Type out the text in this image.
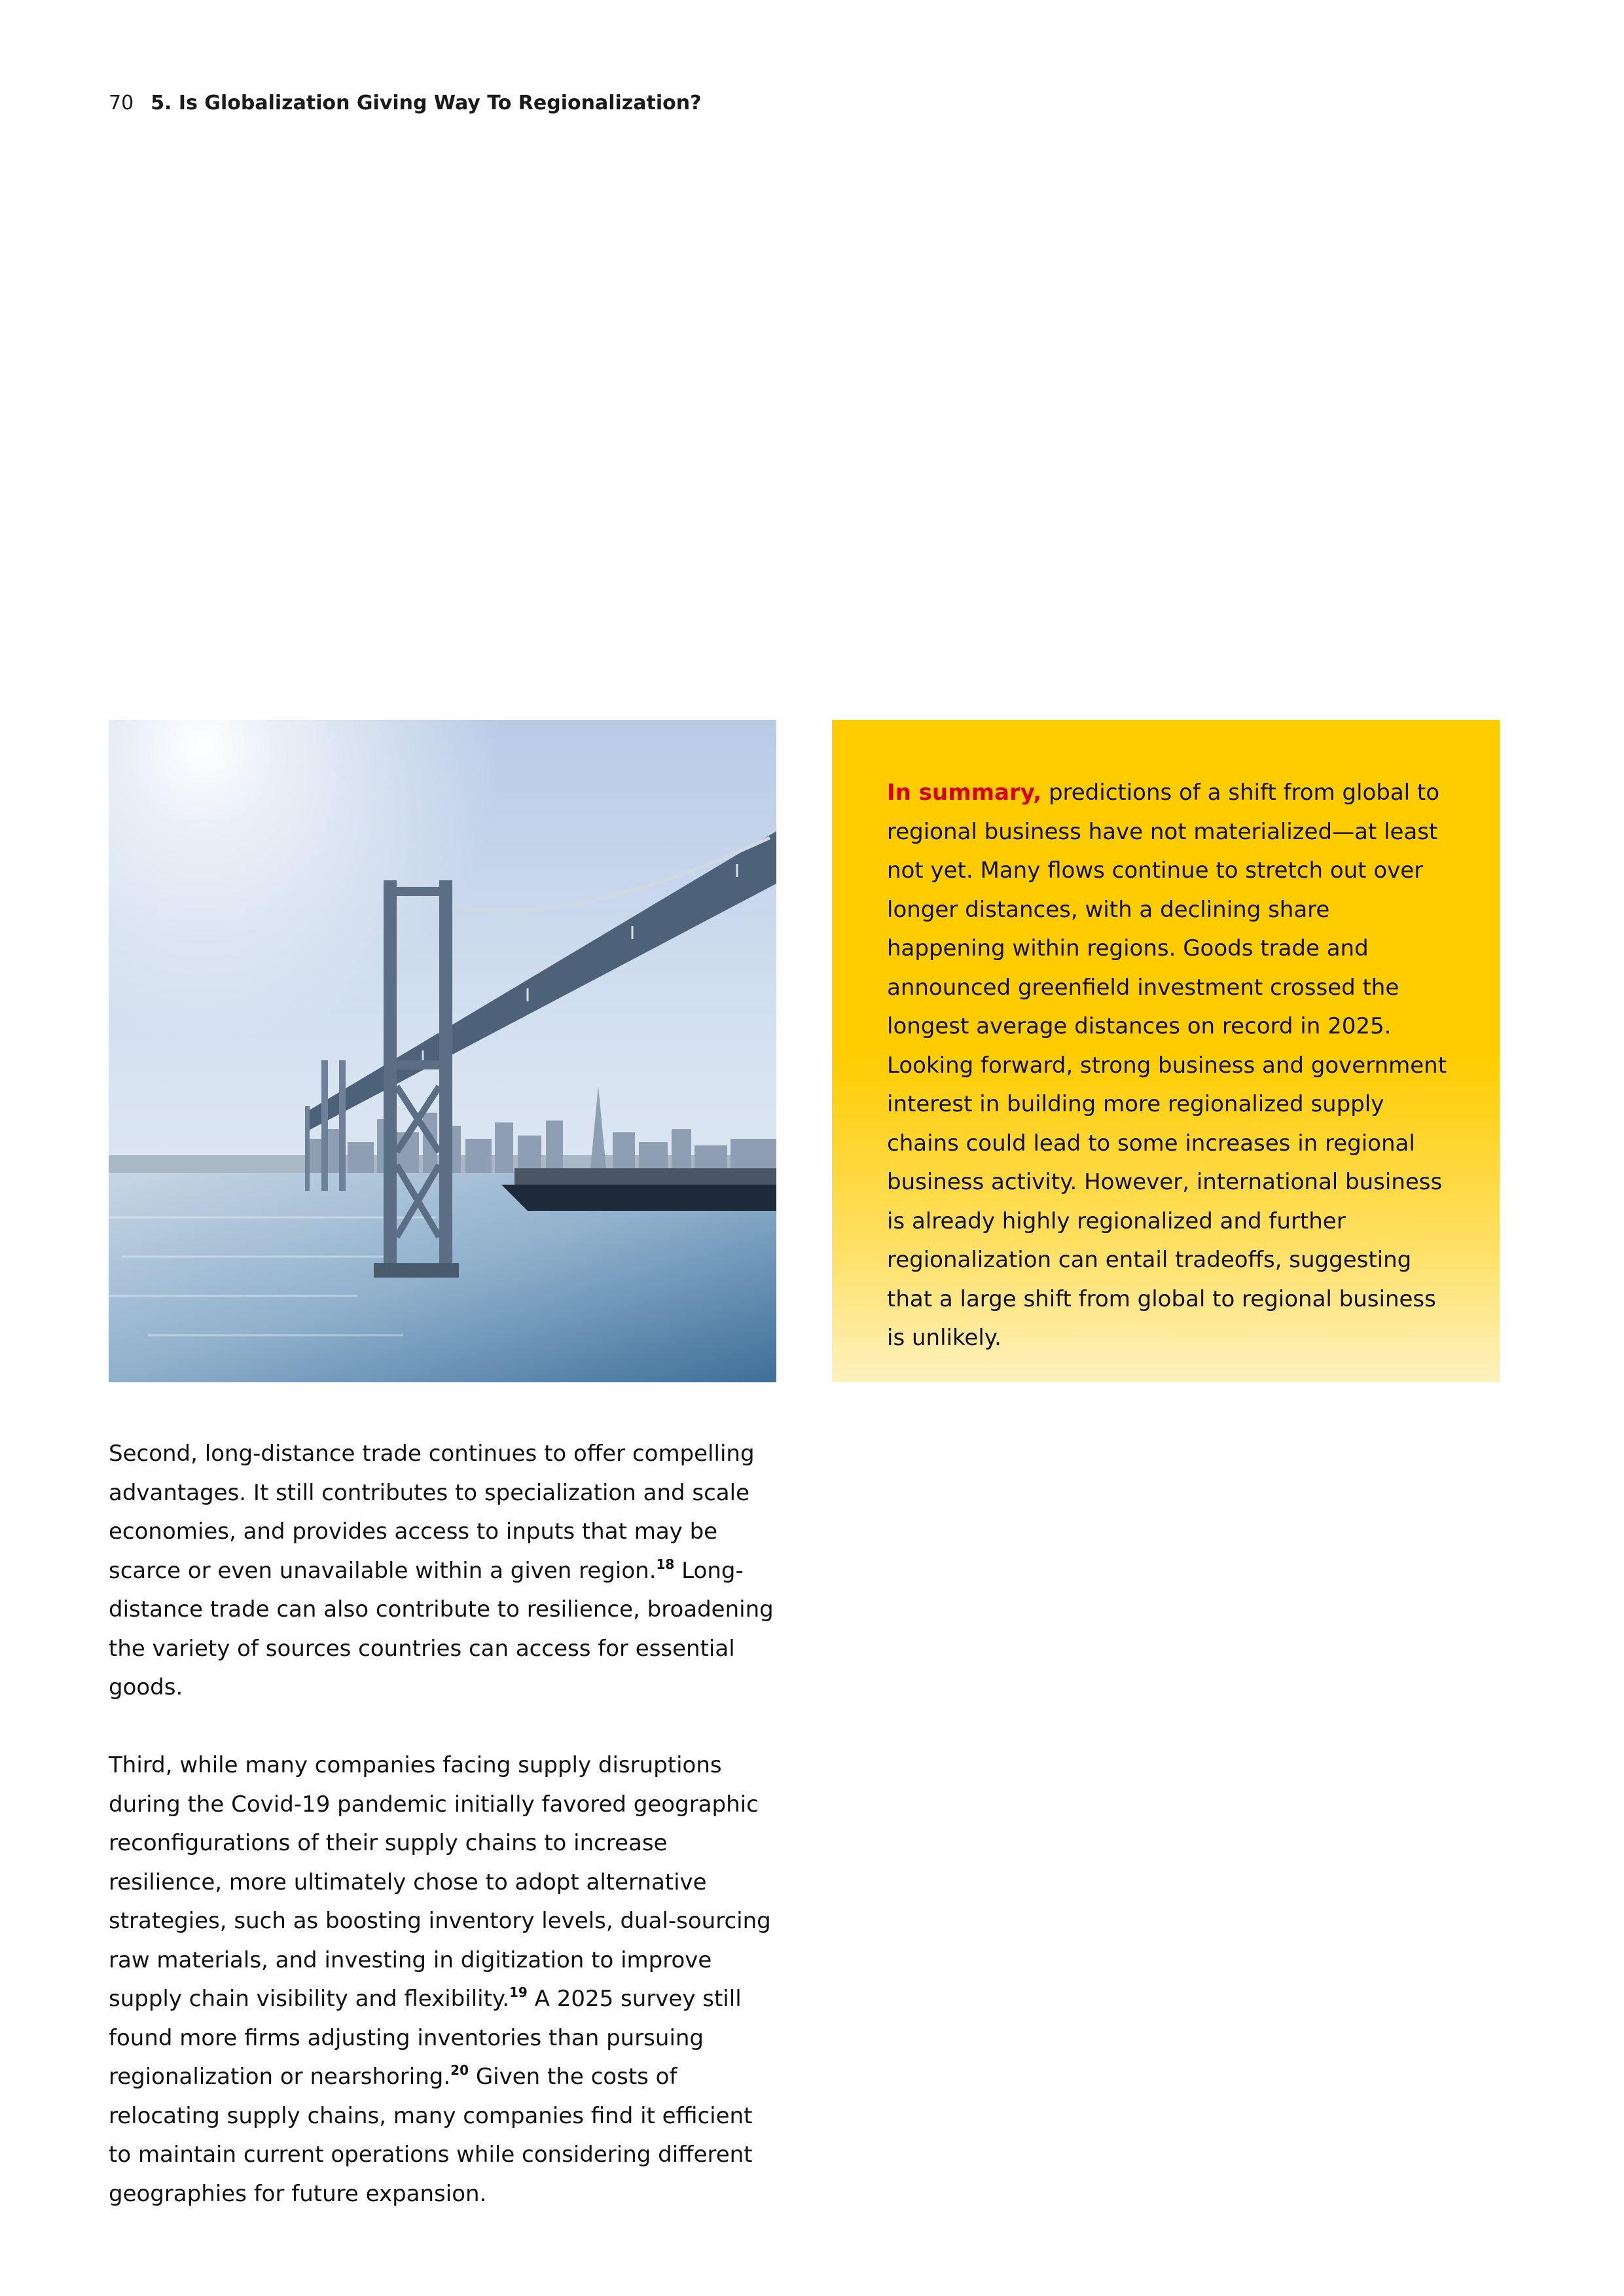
70 5. Is Globalization Giving Way To Regionalization?

In summary, predictions of a shift from global to regional business have not materialized—at least not yet. Many flows continue to stretch out over longer distances, with a declining share happening within regions. Goods trade and announced greenfield investment crossed the longest average distances on record in 2025. Looking forward, strong business and government interest in building more regionalized supply chains could lead to some increases in regional business activity. However, international business is already highly regionalized and further regionalization can entail tradeoffs, suggesting that a large shift from global to regional business is unlikely.

Second, long-distance trade continues to offer compelling advantages. It still contributes to specialization and scale economies, and provides access to inputs that may be scarce or even unavailable within a given region.$^{18}$ Long-distance trade can also contribute to resilience, broadening the variety of sources countries can access for essential goods.

Third, while many companies facing supply disruptions during the Covid-19 pandemic initially favored geographic reconfigurations of their supply chains to increase resilience, more ultimately chose to adopt alternative strategies, such as boosting inventory levels, dual-sourcing raw materials, and investing in digitization to improve supply chain visibility and flexibility.$^{19}$ A 2025 survey still found more firms adjusting inventories than pursuing regionalization or nearshoring.$^{20}$ Given the costs of relocating supply chains, many companies find it efficient to maintain current operations while considering different geographies for future expansion.
